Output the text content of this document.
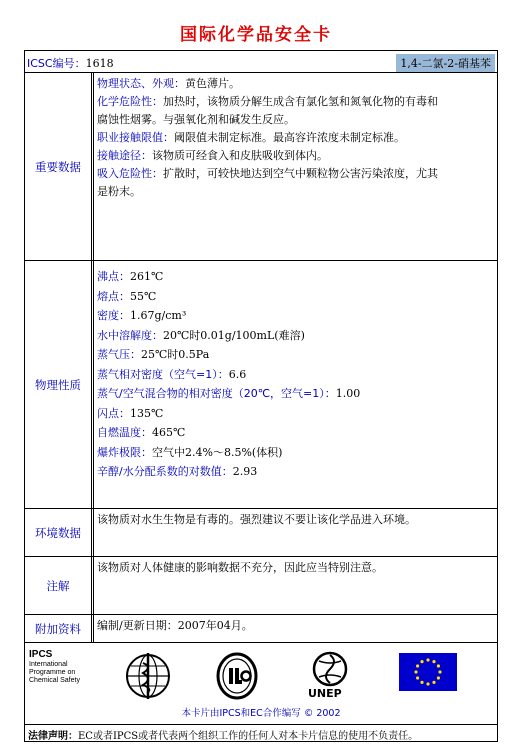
国际化学品安全卡
ICSC编号：1618	1,4-二氯-2-硝基苯
重要数据
物理状态、外观：黄色薄片。
化学危险性：加热时，该物质分解生成含有氯化氢和氮氧化物的有毒和
腐蚀性烟雾。与强氧化剂和碱发生反应。
职业接触限值：阈限值未制定标准。最高容许浓度未制定标准。
接触途径：该物质可经食入和皮肤吸收到体内。
吸入危险性：扩散时，可较快地达到空气中颗粒物公害污染浓度，尤其
是粉末。
物理性质
沸点：261℃
熔点：55℃
密度：1.67g/cm³
水中溶解度：20℃时0.01g/100mL(难溶)
蒸气压：25℃时0.5Pa
蒸气相对密度（空气=1）：6.6
蒸气/空气混合物的相对密度（20℃，空气=1）：1.00
闪点：135℃
自燃温度：465℃
爆炸极限：空气中2.4%～8.5%(体积)
辛醇/水分配系数的对数值：2.93
环境数据
该物质对水生生物是有毒的。强烈建议不要让该化学品进入环境。
注解
该物质对人体健康的影响数据不充分，因此应当特别注意。
附加资料	编制/更新日期：2007年04月。
IPCS
International
Programme on
Chemical Safety
UNEP
本卡片由IPCS和EC合作编写 © 2002
法律声明：EC或者IPCS或者代表两个组织工作的任何人对本卡片信息的使用不负责任。
